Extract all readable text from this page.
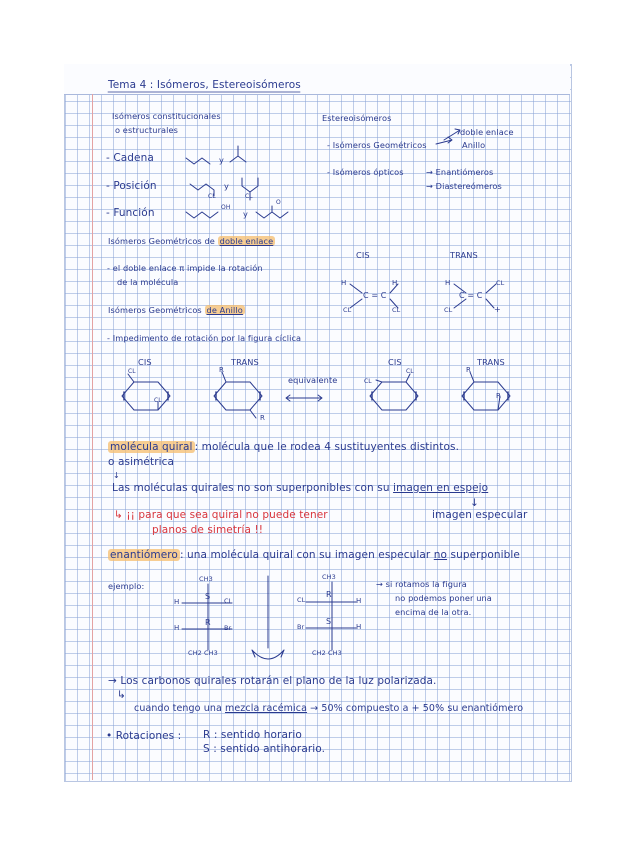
Tema 4 : Isómeros, Estereoisómeros
Isómeros constitucionales
o estructurales
- Cadena
- Posición
- Función
y
y
y
CL	CL
OH
O
Estereoisómeros
- Isómeros Geométricos
doble enlace
Anillo
- Isómeros ópticos	→ Enantiómeros
→ Diastereómeros
Isómeros Geométricos de doble enlace
- el doble enlace π impide la rotación
de la molécula
CIS	TRANS
C = C	C = C
H	H
CL	CL
H	CL
CL	+
Isómeros Geométricos de Anillo
- Impedimento de rotación por la figura cíclica
CIS	TRANS	CIS	TRANS
equivalente
CL
CL
R
R
CL
CL	R
R
molécula quiral : molécula que le rodea 4 sustituyentes distintos.
o asimétrica
↓
Las moléculas quirales no son superponibles con su imagen en espejo
↓
↳ ¡¡ para que sea quiral no puede tener
planos de simetría !!
imagen especular
enantiómero : una molécula quiral con su imagen especular no superponible
ejemplo:
CH3	CH3
H
S CL
H
R
Br
CH2 CH3
CL
R
H
Br
S
H
CH2 CH3
→ si rotamos la figura
no podemos poner una
encima de la otra.
→ Los carbonos quirales rotarán el plano de la luz polarizada.
↳
cuando tengo una mezcla racémica → 50% compuesto a + 50% su enantiómero
• Rotaciones : R : sentido horario
S : sentido antihorario.
